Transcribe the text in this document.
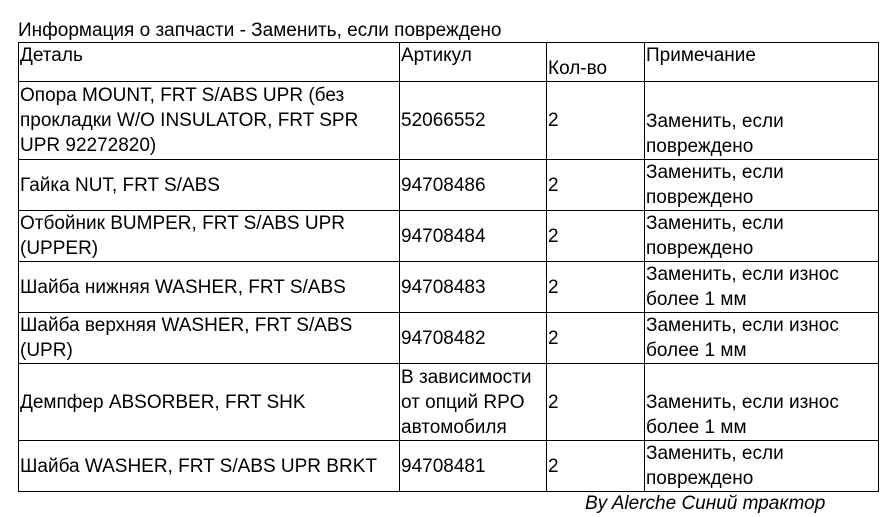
Информация о запчасти - Заменить, если повреждено
Деталь	Артикул	Кол-во	Примечание
Опора MOUNT, FRT S/ABS UPR (без прокладки W/O INSULATOR, FRT SPR UPR 92272820)	52066552	2	Заменить, если повреждено
Гайка NUT, FRT S/ABS	94708486	2	Заменить, если повреждено
Отбойник BUMPER, FRT S/ABS UPR (UPPER)	94708484	2	Заменить, если повреждено
Шайба нижняя WASHER, FRT S/ABS	94708483	2	Заменить, если износ более 1 мм
Шайба верхняя WASHER, FRT S/ABS (UPR)	94708482	2	Заменить, если износ более 1 мм
Демпфер ABSORBER, FRT SHK	В зависимости от опций RPO автомобиля	2	Заменить, если износ более 1 мм
Шайба WASHER, FRT S/ABS UPR BRKT	94708481	2	Заменить, если повреждено
By Alerche Синий трактор
